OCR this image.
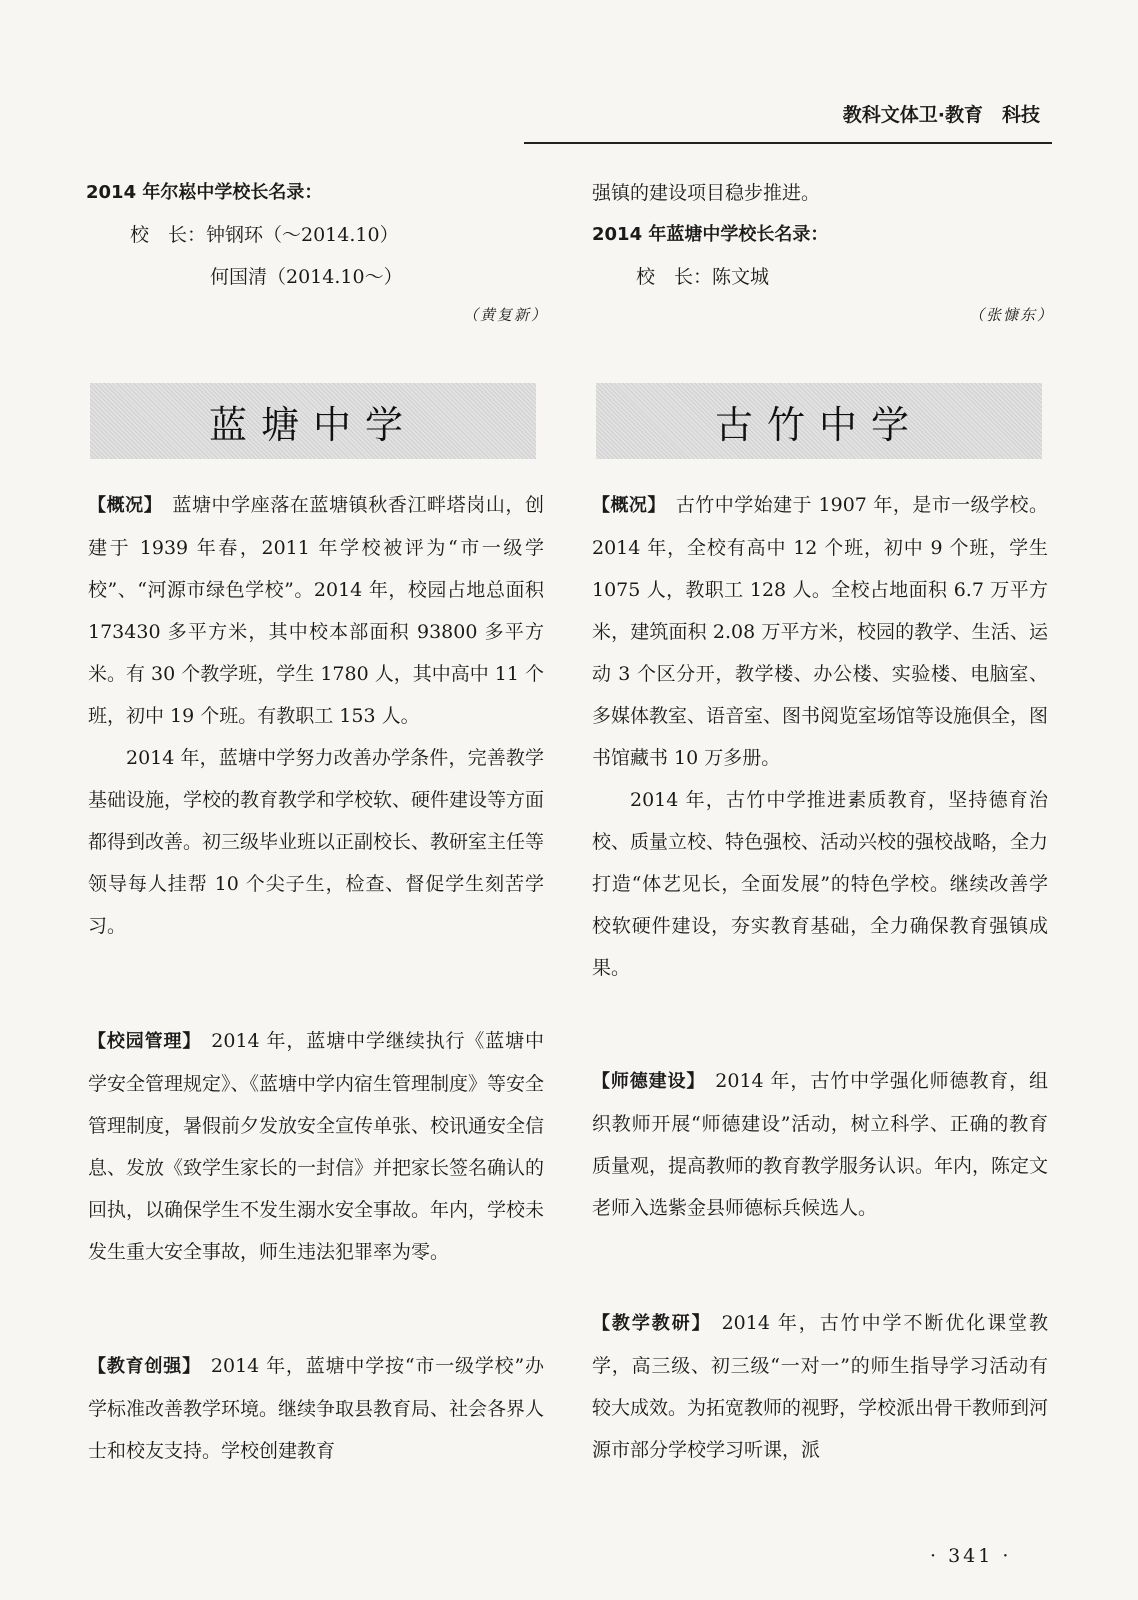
教科文体卫·教育　科技
2014 年尔崧中学校长名录：
校　长：钟钢环（～2014.10）
何国清（2014.10～）
（黄复新）
强镇的建设项目稳步推进。
2014 年蓝塘中学校长名录：
校　长：陈文城
（张慷东）
蓝塘中学	古竹中学

【概况】 蓝塘中学座落在蓝塘镇秋香江畔塔岗山，创建于 1939 年春，2011 年学校被评为“市一级学校”、“河源市绿色学校”。2014 年，校园占地总面积 173430 多平方米，其中校本部面积 93800 多平方米。有 30 个教学班，学生 1780 人，其中高中 11 个班，初中 19 个班。有教职工 153 人。

2014 年，蓝塘中学努力改善办学条件，完善教学基础设施，学校的教育教学和学校软、硬件建设等方面都得到改善。初三级毕业班以正副校长、教研室主任等领导每人挂帮 10 个尖子生，检查、督促学生刻苦学习。

【校园管理】 2014 年，蓝塘中学继续执行《蓝塘中学安全管理规定》、《蓝塘中学内宿生管理制度》等安全管理制度，暑假前夕发放安全宣传单张、校讯通安全信息、发放《致学生家长的一封信》并把家长签名确认的回执，以确保学生不发生溺水安全事故。年内，学校未发生重大安全事故，师生违法犯罪率为零。

【教育创强】 2014 年，蓝塘中学按“市一级学校”办学标准改善教学环境。继续争取县教育局、社会各界人士和校友支持。学校创建教育

【概况】 古竹中学始建于 1907 年，是市一级学校。2014 年，全校有高中 12 个班，初中 9 个班，学生 1075 人，教职工 128 人。全校占地面积 6.7 万平方米，建筑面积 2.08 万平方米，校园的教学、生活、运动 3 个区分开，教学楼、办公楼、实验楼、电脑室、多媒体教室、语音室、图书阅览室场馆等设施俱全，图书馆藏书 10 万多册。

2014 年，古竹中学推进素质教育，坚持德育治校、质量立校、特色强校、活动兴校的强校战略，全力打造“体艺见长，全面发展”的特色学校。继续改善学校软硬件建设，夯实教育基础，全力确保教育强镇成果。

【师德建设】 2014 年，古竹中学强化师德教育，组织教师开展“师德建设”活动，树立科学、正确的教育质量观，提高教师的教育教学服务认识。年内，陈定文老师入选紫金县师德标兵候选人。

【教学教研】 2014 年，古竹中学不断优化课堂教学，高三级、初三级“一对一”的师生指导学习活动有较大成效。为拓宽教师的视野，学校派出骨干教师到河源市部分学校学习听课，派

· 341 ·
